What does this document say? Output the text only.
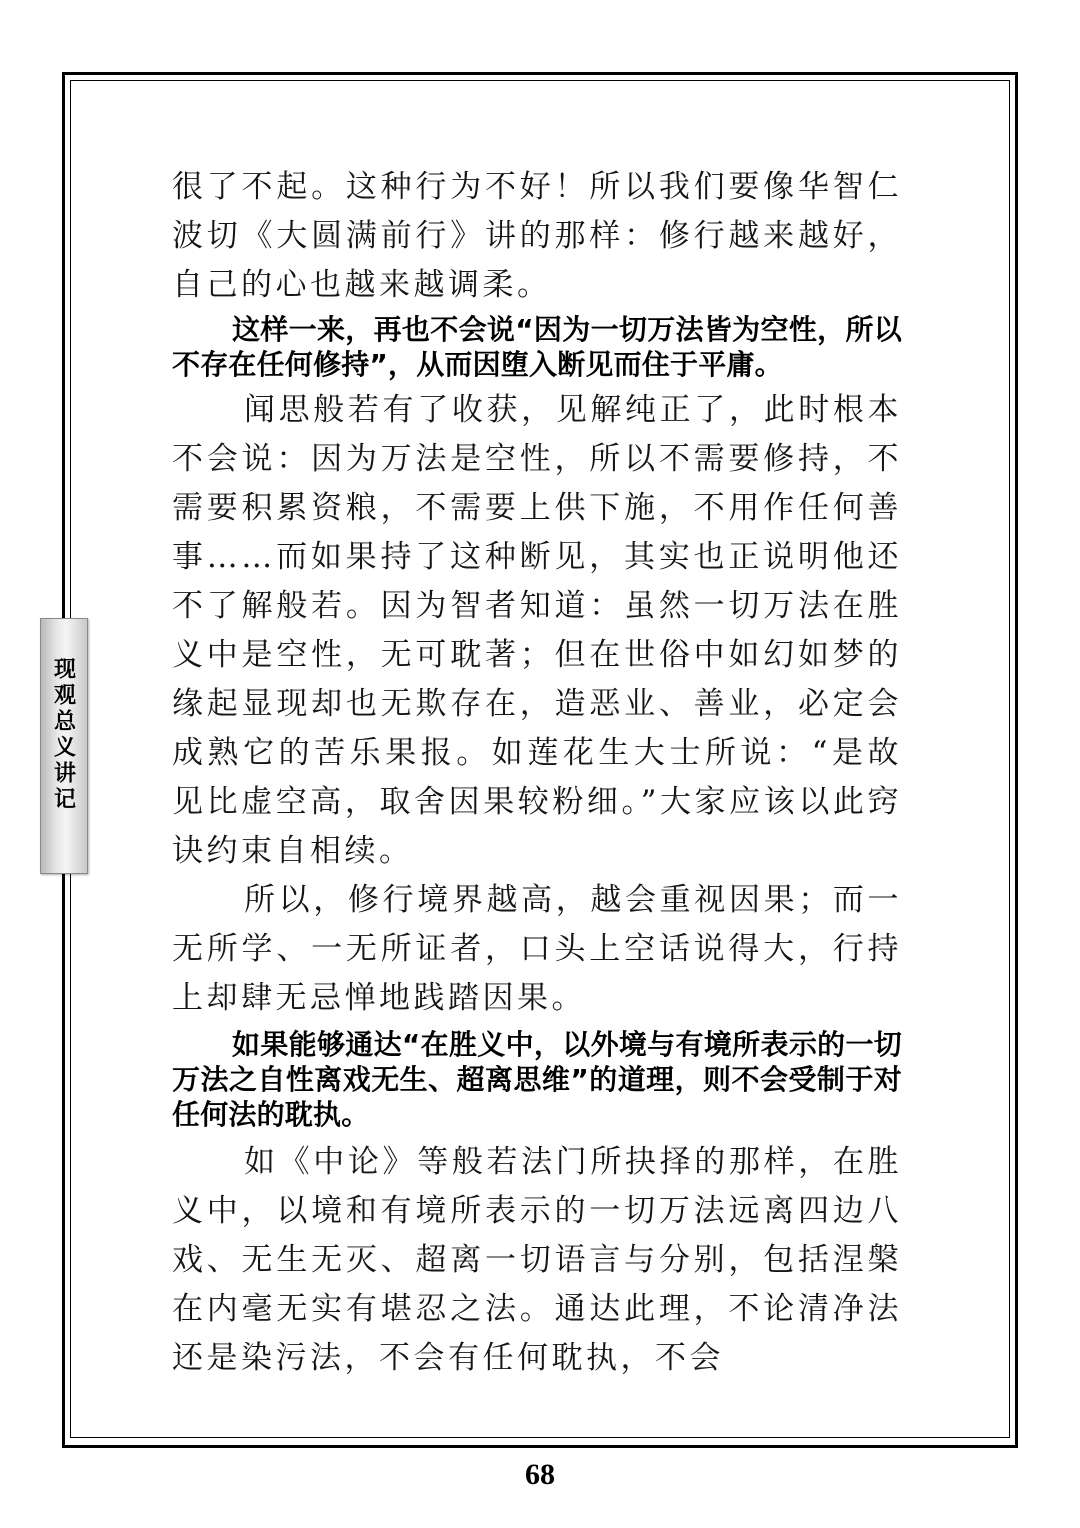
现观总义讲记

很了不起。这种行为不好！所以我们要像华智仁波切《大圆满前行》讲的那样：修行越来越好，自己的心也越来越调柔。

这样一来，再也不会说“因为一切万法皆为空性，所以不存在任何修持”，从而因堕入断见而住于平庸。

闻思般若有了收获，见解纯正了，此时根本不会说：因为万法是空性，所以不需要修持，不需要积累资粮，不需要上供下施，不用作任何善事……而如果持了这种断见，其实也正说明他还不了解般若。因为智者知道：虽然一切万法在胜义中是空性，无可耽著；但在世俗中如幻如梦的缘起显现却也无欺存在，造恶业、善业，必定会成熟它的苦乐果报。如莲花生大士所说：“是故见比虚空高，取舍因果较粉细。”大家应该以此窍诀约束自相续。

所以，修行境界越高，越会重视因果；而一无所学、一无所证者，口头上空话说得大，行持上却肆无忌惮地践踏因果。

如果能够通达“在胜义中，以外境与有境所表示的一切万法之自性离戏无生、超离思维”的道理，则不会受制于对任何法的耽执。

如《中论》等般若法门所抉择的那样，在胜义中，以境和有境所表示的一切万法远离四边八戏、无生无灭、超离一切语言与分别，包括涅槃在内毫无实有堪忍之法。通达此理，不论清净法还是染污法，不会有任何耽执，不会

68
